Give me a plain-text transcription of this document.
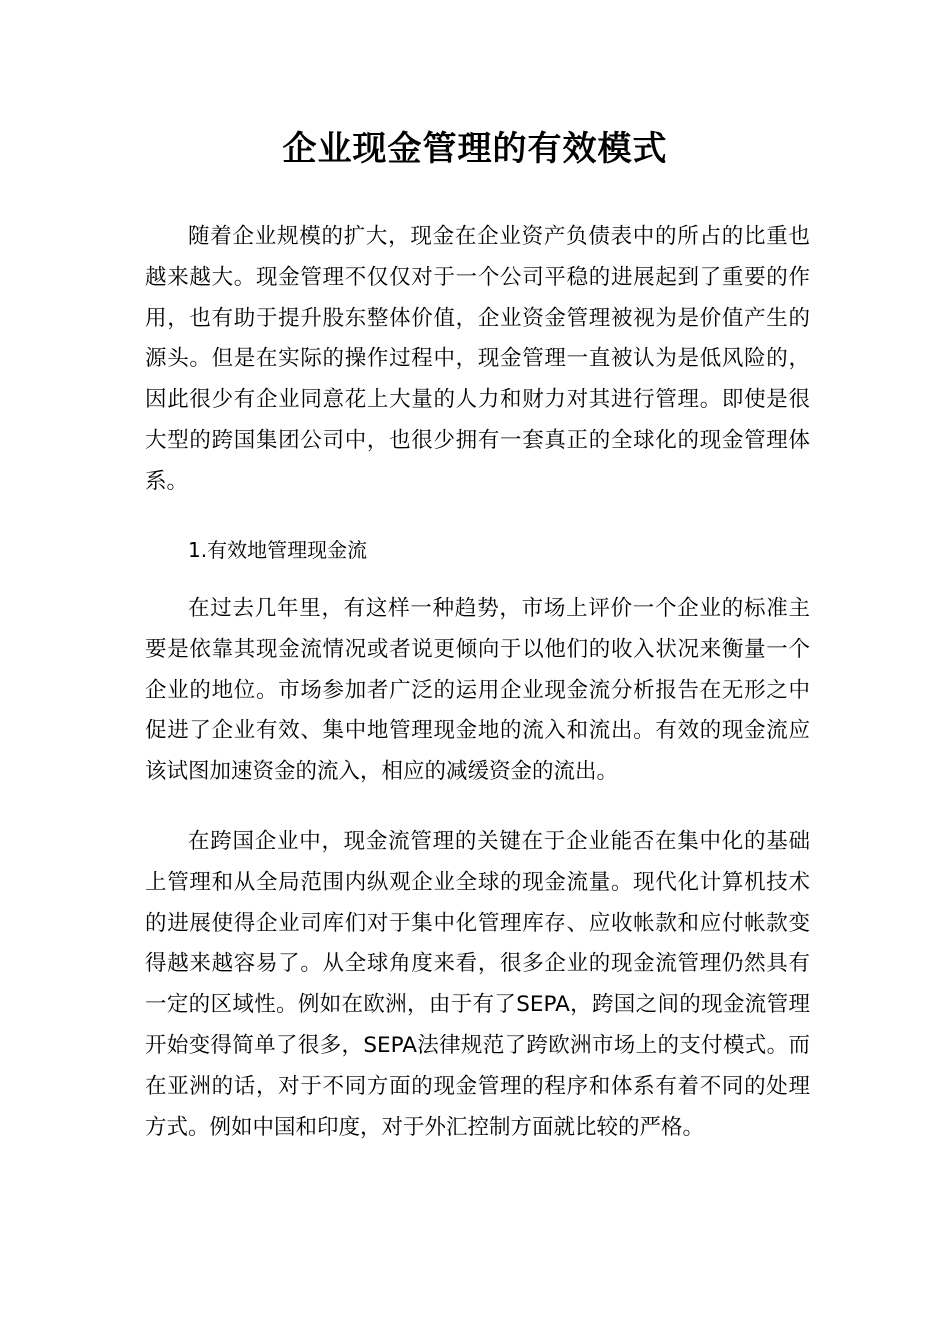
企业现金管理的有效模式

随着企业规模的扩大，现金在企业资产负债表中的所占的比重也越来越大。现金管理不仅仅对于一个公司平稳的进展起到了重要的作用，也有助于提升股东整体价值，企业资金管理被视为是价值产生的源头。但是在实际的操作过程中，现金管理一直被认为是低风险的，因此很少有企业同意花上大量的人力和财力对其进行管理。即使是很大型的跨国集团公司中，也很少拥有一套真正的全球化的现金管理体系。

1.有效地管理现金流

在过去几年里，有这样一种趋势，市场上评价一个企业的标准主要是依靠其现金流情况或者说更倾向于以他们的收入状况来衡量一个企业的地位。市场参加者广泛的运用企业现金流分析报告在无形之中促进了企业有效、集中地管理现金地的流入和流出。有效的现金流应该试图加速资金的流入，相应的减缓资金的流出。

在跨国企业中，现金流管理的关键在于企业能否在集中化的基础上管理和从全局范围内纵观企业全球的现金流量。现代化计算机技术的进展使得企业司库们对于集中化管理库存、应收帐款和应付帐款变得越来越容易了。从全球角度来看，很多企业的现金流管理仍然具有一定的区域性。例如在欧洲，由于有了SEPA，跨国之间的现金流管理开始变得简单了很多，SEPA法律规范了跨欧洲市场上的支付模式。而在亚洲的话，对于不同方面的现金管理的程序和体系有着不同的处理方式。例如中国和印度，对于外汇控制方面就比较的严格。
